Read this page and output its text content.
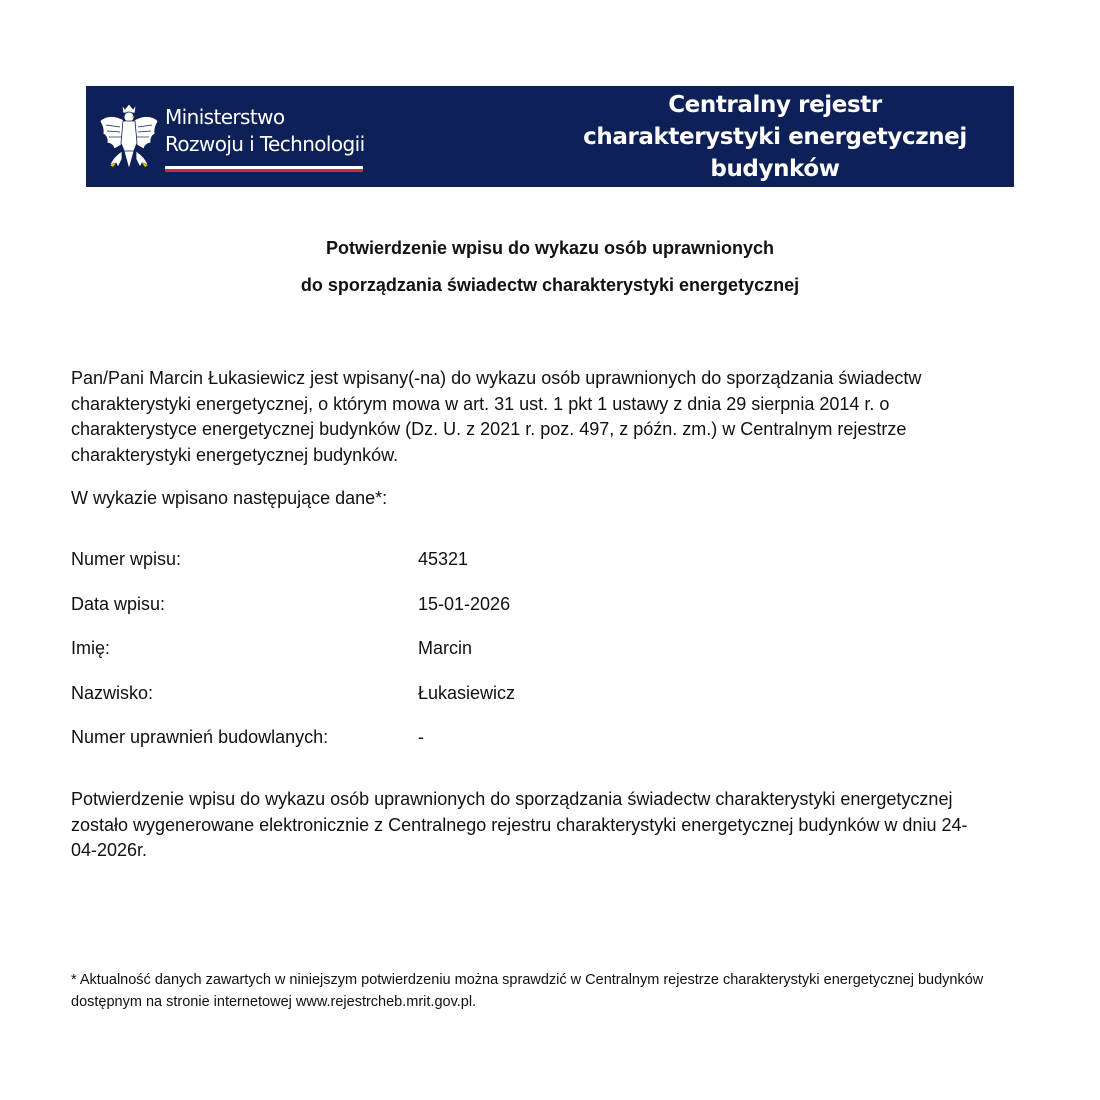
Ministerstwo
Rozwoju i Technologii
Centralny rejestr
charakterystyki energetycznej
budynków
Potwierdzenie wpisu do wykazu osób uprawnionych
do sporządzania świadectw charakterystyki energetycznej

Pan/Pani Marcin Łukasiewicz jest wpisany(-na) do wykazu osób uprawnionych do sporządzania świadectw charakterystyki energetycznej, o którym mowa w art. 31 ust. 1 pkt 1 ustawy z dnia 29 sierpnia 2014 r. o charakterystyce energetycznej budynków (Dz. U. z 2021 r. poz. 497, z późn. zm.) w Centralnym rejestrze charakterystyki energetycznej budynków.

W wykazie wpisano następujące dane*:

Numer wpisu:	45321
Data wpisu:	15-01-2026
Imię:	Marcin
Nazwisko:	Łukasiewicz
Numer uprawnień budowlanych:	-

Potwierdzenie wpisu do wykazu osób uprawnionych do sporządzania świadectw charakterystyki energetycznej zostało wygenerowane elektronicznie z Centralnego rejestru charakterystyki energetycznej budynków w dniu 24-04-2026r.

* Aktualność danych zawartych w niniejszym potwierdzeniu można sprawdzić w Centralnym rejestrze charakterystyki energetycznej budynków dostępnym na stronie internetowej www.rejestrcheb.mrit.gov.pl.
